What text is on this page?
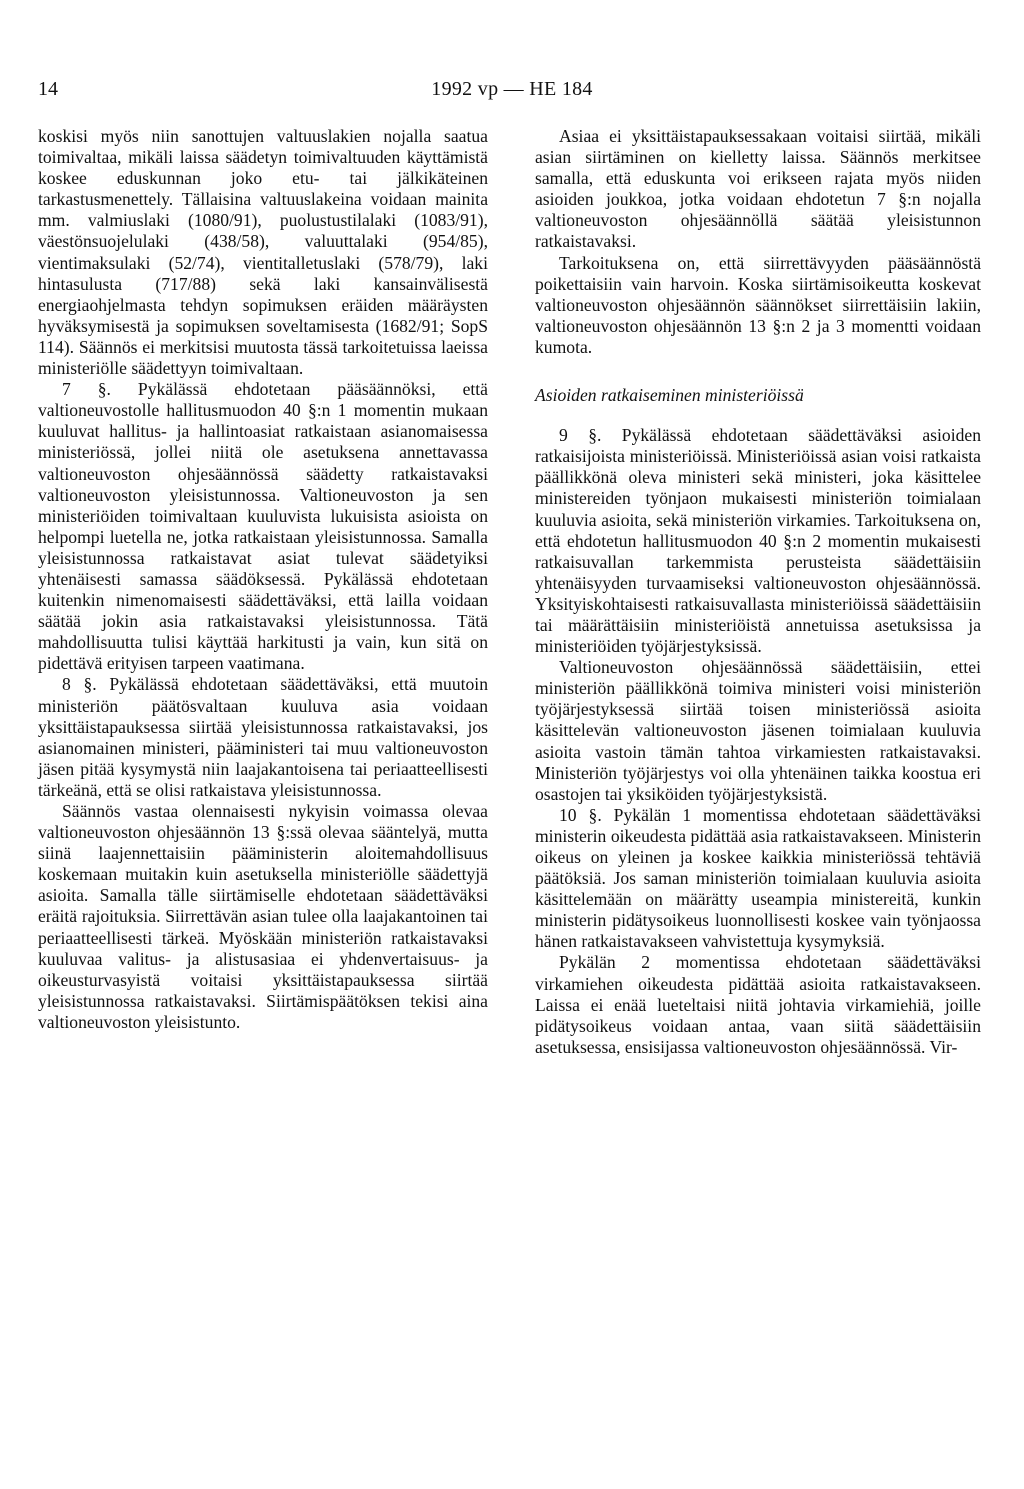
14	1992 vp — HE 184

koskisi myös niin sanottujen valtuuslakien nojalla saatua toimivaltaa, mikäli laissa säädetyn toimivaltuuden käyttämistä koskee eduskunnan joko etu- tai jälkikäteinen tarkastusmenettely. Tällaisina valtuuslakeina voidaan mainita mm. valmiuslaki (1080/91), puolustustilalaki (1083/91), väestönsuojelulaki (438/58), valuuttalaki (954/85), vientimaksulaki (52/74), vientitalletuslaki (578/79), laki hintasulusta (717/88) sekä laki kansainvälisestä energiaohjelmasta tehdyn sopimuksen eräiden määräysten hyväksymisestä ja sopimuksen soveltamisesta (1682/91; SopS 114). Säännös ei merkitsisi muutosta tässä tarkoitetuissa laeissa ministeriölle säädettyyn toimivaltaan.

7 §. Pykälässä ehdotetaan pääsäännöksi, että valtioneuvostolle hallitusmuodon 40 §:n 1 momentin mukaan kuuluvat hallitus- ja hallintoasiat ratkaistaan asianomaisessa ministeriössä, jollei niitä ole asetuksena annettavassa valtioneuvoston ohjesäännössä säädetty ratkaistavaksi valtioneuvoston yleisistunnossa. Valtioneuvoston ja sen ministeriöiden toimivaltaan kuuluvista lukuisista asioista on helpompi luetella ne, jotka ratkaistaan yleisistunnossa. Samalla yleisistunnossa ratkaistavat asiat tulevat säädetyiksi yhtenäisesti samassa säädöksessä. Pykälässä ehdotetaan kuitenkin nimenomaisesti säädettäväksi, että lailla voidaan säätää jokin asia ratkaistavaksi yleisistunnossa. Tätä mahdollisuutta tulisi käyttää harkitusti ja vain, kun sitä on pidettävä erityisen tarpeen vaatimana.

8 §. Pykälässä ehdotetaan säädettäväksi, että muutoin ministeriön päätösvaltaan kuuluva asia voidaan yksittäistapauksessa siirtää yleisistunnossa ratkaistavaksi, jos asianomainen ministeri, pääministeri tai muu valtioneuvoston jäsen pitää kysymystä niin laajakantoisena tai periaatteellisesti tärkeänä, että se olisi ratkaistava yleisistunnossa.

Säännös vastaa olennaisesti nykyisin voimassa olevaa valtioneuvoston ohjesäännön 13 §:ssä olevaa sääntelyä, mutta siinä laajennettaisiin pääministerin aloitemahdollisuus koskemaan muitakin kuin asetuksella ministeriölle säädettyjä asioita. Samalla tälle siirtämiselle ehdotetaan säädettäväksi eräitä rajoituksia. Siirrettävän asian tulee olla laajakantoinen tai periaatteellisesti tärkeä. Myöskään ministeriön ratkaistavaksi kuuluvaa valitus- ja alistusasiaa ei yhdenvertaisuus- ja oikeusturvasyistä voitaisi yksittäistapauksessa siirtää yleisistunnossa ratkaistavaksi. Siirtämispäätöksen tekisi aina valtioneuvoston yleisistunto.

Asiaa ei yksittäistapauksessakaan voitaisi siirtää, mikäli asian siirtäminen on kielletty laissa. Säännös merkitsee samalla, että eduskunta voi erikseen rajata myös niiden asioiden joukkoa, jotka voidaan ehdotetun 7 §:n nojalla valtioneuvoston ohjesäännöllä säätää yleisistunnon ratkaistavaksi.

Tarkoituksena on, että siirrettävyyden pääsäännöstä poikettaisiin vain harvoin. Koska siirtämisoikeutta koskevat valtioneuvoston ohjesäännön säännökset siirrettäisiin lakiin, valtioneuvoston ohjesäännön 13 §:n 2 ja 3 momentti voidaan kumota.

Asioiden ratkaiseminen ministeriöissä

9 §. Pykälässä ehdotetaan säädettäväksi asioiden ratkaisijoista ministeriöissä. Ministeriöissä asian voisi ratkaista päällikkönä oleva ministeri sekä ministeri, joka käsittelee ministereiden työnjaon mukaisesti ministeriön toimialaan kuuluvia asioita, sekä ministeriön virkamies. Tarkoituksena on, että ehdotetun hallitusmuodon 40 §:n 2 momentin mukaisesti ratkaisuvallan tarkemmista perusteista säädettäisiin yhtenäisyyden turvaamiseksi valtioneuvoston ohjesäännössä. Yksityiskohtaisesti ratkaisuvallasta ministeriöissä säädettäisiin tai määrättäisiin ministeriöistä annetuissa asetuksissa ja ministeriöiden työjärjestyksissä.

Valtioneuvoston ohjesäännössä säädettäisiin, ettei ministeriön päällikkönä toimiva ministeri voisi ministeriön työjärjestyksessä siirtää toisen ministeriössä asioita käsittelevän valtioneuvoston jäsenen toimialaan kuuluvia asioita vastoin tämän tahtoa virkamiesten ratkaistavaksi. Ministeriön työjärjestys voi olla yhtenäinen taikka koostua eri osastojen tai yksiköiden työjärjestyksistä.

10 §. Pykälän 1 momentissa ehdotetaan säädettäväksi ministerin oikeudesta pidättää asia ratkaistavakseen. Ministerin oikeus on yleinen ja koskee kaikkia ministeriössä tehtäviä päätöksiä. Jos saman ministeriön toimialaan kuuluvia asioita käsittelemään on määrätty useampia ministereitä, kunkin ministerin pidätysoikeus luonnollisesti koskee vain työnjaossa hänen ratkaistavakseen vahvistettuja kysymyksiä.

Pykälän 2 momentissa ehdotetaan säädettäväksi virkamiehen oikeudesta pidättää asioita ratkaistavakseen. Laissa ei enää lueteltaisi niitä johtavia virkamiehiä, joille pidätysoikeus voidaan antaa, vaan siitä säädettäisiin asetuksessa, ensisijassa valtioneuvoston ohjesäännössä. Vir-
